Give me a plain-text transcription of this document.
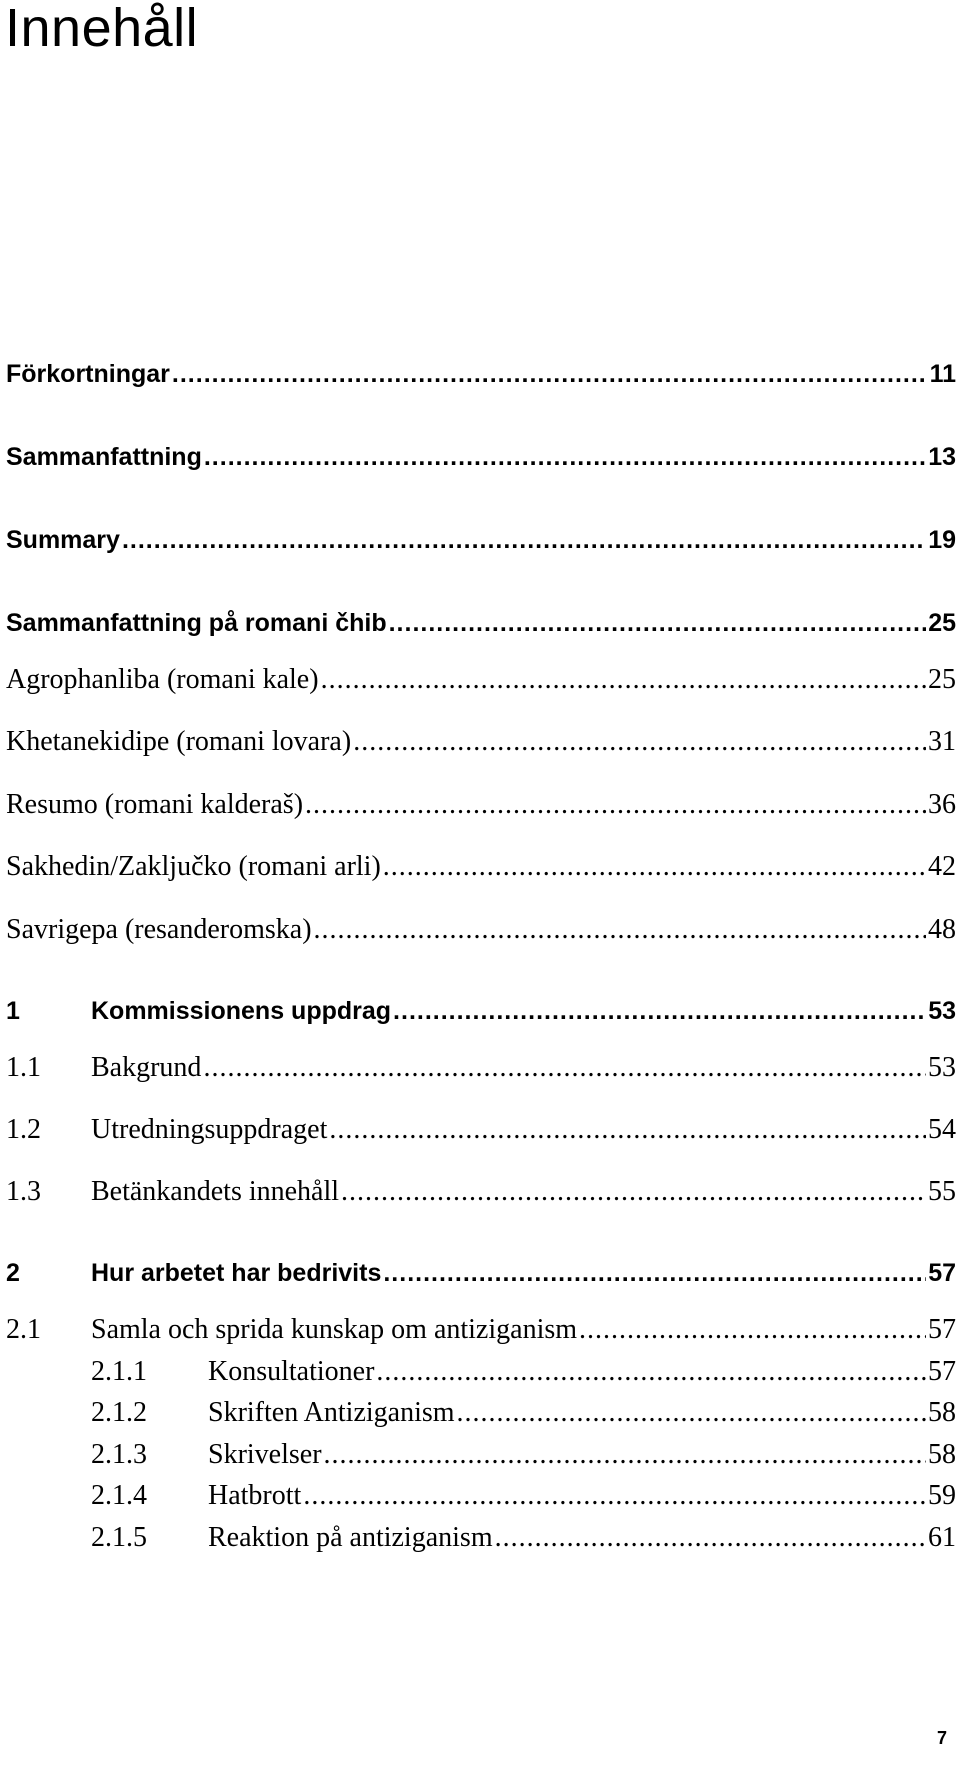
Innehåll
Förkortningar .....	11
Sammanfattning .....	13
Summary .....	19
Sammanfattning på romani čhib .....	25
Agrophanliba (romani kale) .....	25
Khetanekidipe (romani lovara) .....	31
Resumo (romani kalderaš) .....	36
Sakhedin/Zaključko (romani arli) .....	42
Savrigepa (resanderomska) .....	48
1	Kommissionens uppdrag .....	53
1.1	Bakgrund .....	53
1.2	Utredningsuppdraget .....	54
1.3	Betänkandets innehåll .....	55
2	Hur arbetet har bedrivits .....	57
2.1	Samla och sprida kunskap om antiziganism .....	57
2.1.1	Konsultationer .....	57
2.1.2	Skriften Antiziganism .....	58
2.1.3	Skrivelser .....	58
2.1.4	Hatbrott .....	59
2.1.5	Reaktion på antiziganism .....	61
7
